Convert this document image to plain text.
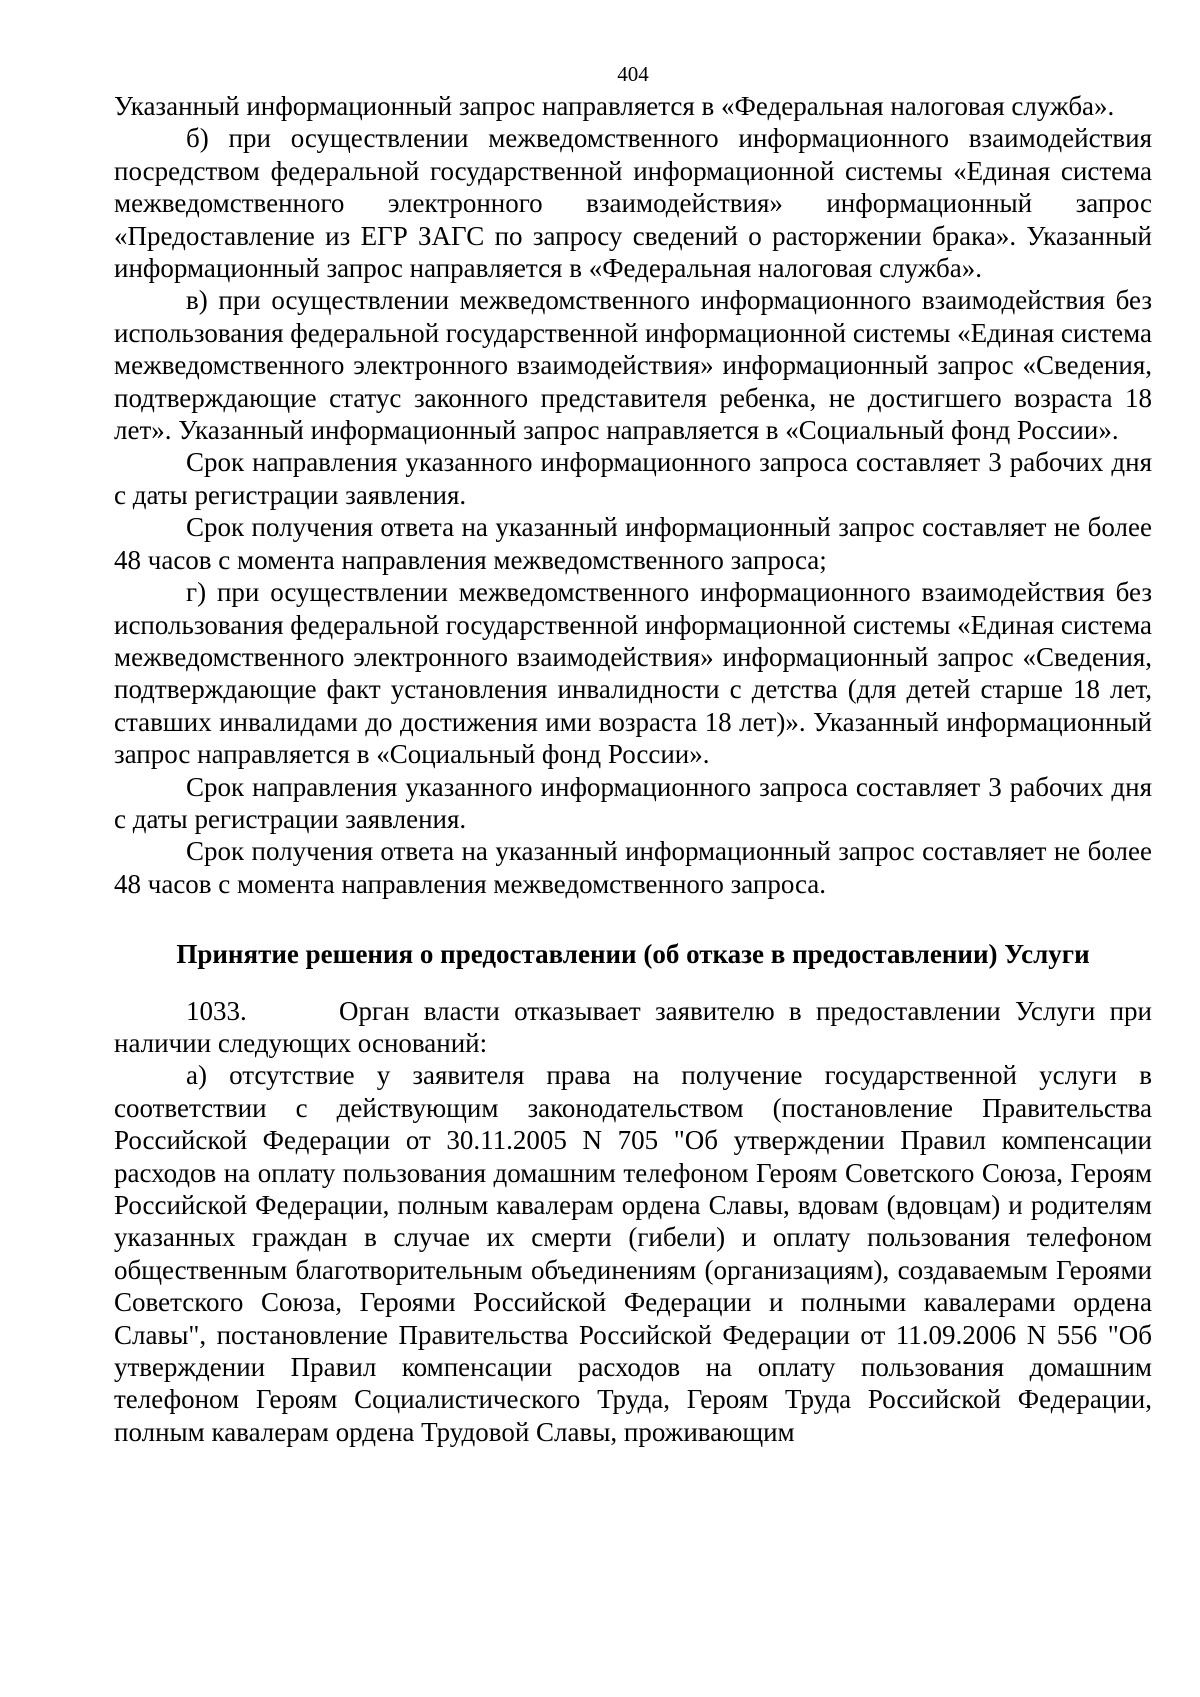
404

Указанный информационный запрос направляется в «Федеральная налоговая служба».

б) при осуществлении межведомственного информационного взаимодействия посредством федеральной государственной информационной системы «Единая система межведомственного электронного взаимодействия» информационный запрос «Предоставление из ЕГР ЗАГС по запросу сведений о расторжении брака». Указанный информационный запрос направляется в «Федеральная налоговая служба».

в) при осуществлении межведомственного информационного взаимодействия без использования федеральной государственной информационной системы «Единая система межведомственного электронного взаимодействия» информационный запрос «Сведения, подтверждающие статус законного представителя ребенка, не достигшего возраста 18 лет». Указанный информационный запрос направляется в «Социальный фонд России».

Срок направления указанного информационного запроса составляет 3 рабочих дня с даты регистрации заявления.

Срок получения ответа на указанный информационный запрос составляет не более 48 часов с момента направления межведомственного запроса;

г) при осуществлении межведомственного информационного взаимодействия без использования федеральной государственной информационной системы «Единая система межведомственного электронного взаимодействия» информационный запрос «Сведения, подтверждающие факт установления инвалидности с детства (для детей старше 18 лет, ставших инвалидами до достижения ими возраста 18 лет)». Указанный информационный запрос направляется в «Социальный фонд России».

Срок направления указанного информационного запроса составляет 3 рабочих дня с даты регистрации заявления.

Срок получения ответа на указанный информационный запрос составляет не более 48 часов с момента направления межведомственного запроса.

Принятие решения о предоставлении (об отказе в предоставлении) Услуги

1033.	Орган власти отказывает заявителю в предоставлении Услуги при наличии следующих оснований:

а) отсутствие у заявителя права на получение государственной услуги в соответствии с действующим законодательством (постановление Правительства Российской Федерации от 30.11.2005 N 705 "Об утверждении Правил компенсации расходов на оплату пользования домашним телефоном Героям Советского Союза, Героям Российской Федерации, полным кавалерам ордена Славы, вдовам (вдовцам) и родителям указанных граждан в случае их смерти (гибели) и оплату пользования телефоном общественным благотворительным объединениям (организациям), создаваемым Героями Советского Союза, Героями Российской Федерации и полными кавалерами ордена Славы", постановление Правительства Российской Федерации от 11.09.2006 N 556 "Об утверждении Правил компенсации расходов на оплату пользования домашним телефоном Героям Социалистического Труда, Героям Труда Российской Федерации, полным кавалерам ордена Трудовой Славы, проживающим
